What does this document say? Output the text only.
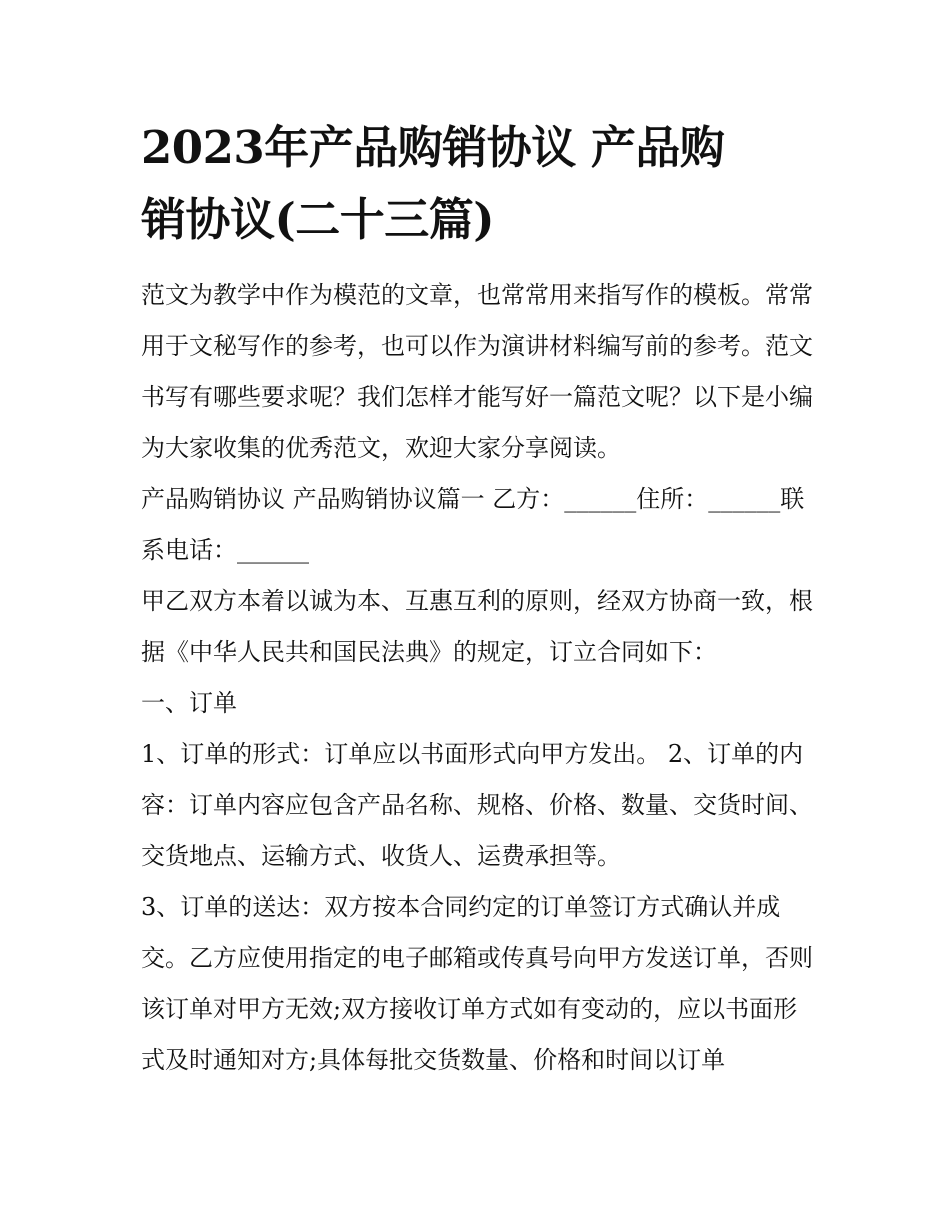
2023年产品购销协议 产品购
销协议(二十三篇)

范文为教学中作为模范的文章，也常常用来指写作的模板。常常用于文秘写作的参考，也可以作为演讲材料编写前的参考。范文书写有哪些要求呢？我们怎样才能写好一篇范文呢？以下是小编为大家收集的优秀范文，欢迎大家分享阅读。

产品购销协议 产品购销协议篇一 乙方：______住所：______联系电话：______

甲乙双方本着以诚为本、互惠互利的原则，经双方协商一致，根据《中华人民共和国民法典》的规定，订立合同如下：

一、订单

1、订单的形式：订单应以书面形式向甲方发出。 2、订单的内容：订单内容应包含产品名称、规格、价格、数量、交货时间、交货地点、运输方式、收货人、运费承担等。

3、订单的送达：双方按本合同约定的订单签订方式确认并成交。乙方应使用指定的电子邮箱或传真号向甲方发送订单，否则该订单对甲方无效;双方接收订单方式如有变动的，应以书面形式及时通知对方;具体每批交货数量、价格和时间以订单
